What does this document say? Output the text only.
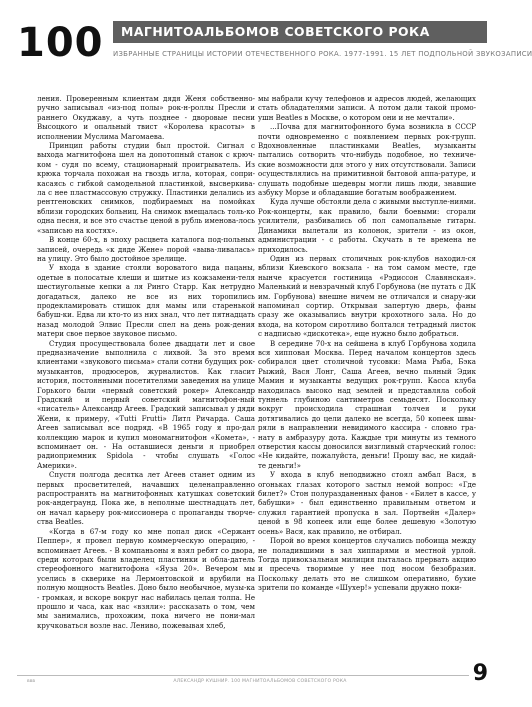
100	МАГНИТОАЛЬБОМОВ СОВЕТСКОГО РОКА
ИЗБРАННЫЕ СТРАНИЦЫ ИСТОРИИ ОТЕЧЕСТВЕННОГО РОКА. 1977-1991. 15 ЛЕТ ПОДПОЛЬНОЙ ЗВУКОЗАПИСИ

ления. Проверенным клиентам дядя Женя собственно-ручно записывал «из-под полы» рок-н-роллы Пресли и раннего Окуджаву, а чуть позднее - дворовые песни Высоцкого и опальный твист «Королева красоты» в исполнении Муслима Магомаева.

Принцип работы студии был простой. Сигнал с выхода магнитофона шел на допотопный станок с крюч-ком - судя по всему, стационарный проигрыватель. Из крюка торчала похожая на гвоздь игла, которая, сопри-касаясь с гибкой самодельной пластинкой, высверкива-ла с нее пластмассовую стружку. Пластинки делались из рентгеновских снимков, подбираемых на помойках вблизи городских больниц. На снимок вмещалась толь-ко одна песня, и все это счастье ценой в рубль именова-лось «записью на костях».

В конце 60-х, в эпоху расцвета каталога под-польных записей, очередь «к дяде Жене» порой «выва-ливалась» на улицу. Это было достойное зрелище.

У входа в здание стояли вороватого вида пацаны, одетые в полосатые клеши и шитые из кожзамени-теля шестиугольные кепки а ля Ринго Старр. Как нетрудно догадаться, далеко не все из них торопились продекламировать стишок для мамы или старенькой бабуш-ки. Едва ли кто-то из них знал, что лет пятнадцать назад молодой Элвис Пресли спел на день рож-дения матери свое первое звуковое письмо.

Студия просуществовала более двадцати лет и свое предназначение выполнила с лихвой. За это время клиентами «звукового письма» стали сотни будущих рок-музыкантов, продюсеров, журналистов. Как гласит история, постоянными посетителями заведения на улице Горького были «первый советский рокер» Александр Градский и первый советский магнитофон-ный «писатель» Александр Агеев. Градский записывал у дяди Жени, к примеру, «Tutti Frutti» Литл Ричарда. Саша Агеев записывал все подряд. «В 1965 году я про-дал коллекцию марок и купил мономагнитофон «Комета», - вспоминает он. - На оставшиеся деньги я приобрел радиоприемник Spidola - чтобы слушать «Голос Америки».

Спустя полгода десятка лет Агеев станет одним из первых просветителей, начавших целенаправленно распространять на магнитофонных катушках советский рок-андеграунд. Пока же, в неполные шестнадцать лет, он начал карьеру рок-миссионера с пропаганды творче-ства Beatles.

«Когда в 67-м году ко мне попал диск «Сержант Пеппер», я провел первую коммерческую операцию, - вспоминает Агеев. - В компаньоны я взял ребят со двора, среди которых были владелец пластинки и обла-датель стереофонного магнитофона «Яуза 20». Вечером мы уселись в скверике на Лермонтовской и врубили на полную мощность Beatles. Доно было необычное, музы-ка - громкая, и вскоре вокруг нас набилась целая толпа. Не прошло и часа, как нас «взяли»: рассказать о том, чем мы занимались, прохожим, пока ничего не пони-мал кручковаться возле нас. Лениво, пожевывая хлеб,

мы набрали кучу телефонов и адресов людей, желающих стать обладателями записи. А потом дали такой промо-ушн Beatles в Москве, о котором они и не мечтали».

...Почва для магнитофонного бума возникла в СССР почти одновременно с появлением первых рок-групп. Вдохновленные пластинками Beatles, музыканты пытались сотворить что-нибудь подобное, но техниче-ские возможности для этого у них отсутствовали. Записи осуществлялись на примитивной бытовой аппа-ратуре, и слушать подобные шедевры могли лишь люди, знавшие азбуку Морзе и обладавшие богатым воображением.

Куда лучше обстояли дела с живыми выступле-ниями. Рок-концерты, как правило, были боевыми: сгорали усилители, разбивались об пол самопальные гитары. Динамики вылетали из колонок, зрители - из окон, администрации - с работы. Скучать в те времена не приходилось.

Один из первых столичных рок-клубов находил-ся вблизи Киевского вокзала - на том самом месте, где нынче красуется гостиница «Рэдиссон Славянская». Маленький и невзрачный клуб Горбунова (не путать с ДК им. Горбунова) внешне ничем не отличался и снару-жи напоминал сортир. Открывая запертую дверь, фаны сразу же оказывались внутри крохотного зала. Но до входа, на котором сиротливо болтался тетрадный листок с надписью «дискотека», еще нужно было добраться.

В середине 70-х на сейшена в клуб Горбунова ходила вся хипповая Москва. Перед началом концертов здесь собирался цвет столичной тусовки: Мама Рыба, Бэка Рыжий, Вася Лонг, Саша Агеев, вечно пьяный Эдик Мамин и музыканты ведущих рок-групп. Касса клуба находилась высоко над землей и представляла собой туннель глубиною сантиметров семьдесят. Поскольку вокруг происходила страшная толчея и руки дотягивались до цели далеко не всегда, 50 копеек швы-ряли в направлении невидимого кассира - словно гра-нату в амбразуру дота. Каждые три минуты из темного отверстия кассы доносился визгливый старческий голос: «Не кидайте, пожалуйста, деньги! Прошу вас, не кидай-те деньги!»

У входа в клуб неподвижно стоял амбал Вася, в огоньках глазах которого застыл немой вопрос: «Где билет?» Стон полуразданенных фанов - «Билет в кассе, у бабушки» - был единственно правильным ответом и служил гарантией пропуска в зал. Портвейн «Далер» ценой в 98 копеек или еще более дешевую «Золотую осень» Вася, как правило, не отбирал.

Порой во время концертов случались побоища между не поладившими в зал хиппарями и местной урлой. Тогда привокзальная милиция пыталась прервать акцию и пресечь творимые у нее под носом безобразия. Поскольку делать это не слишком оперативно, бухие зрители по команде «Шухер!» успевали дружно поки-

ввв	АЛЕКСАНДР КУШНИР. 100 МАГНИТОАЛЬБОМОВ СОВЕТСКОГО РОКА	9
